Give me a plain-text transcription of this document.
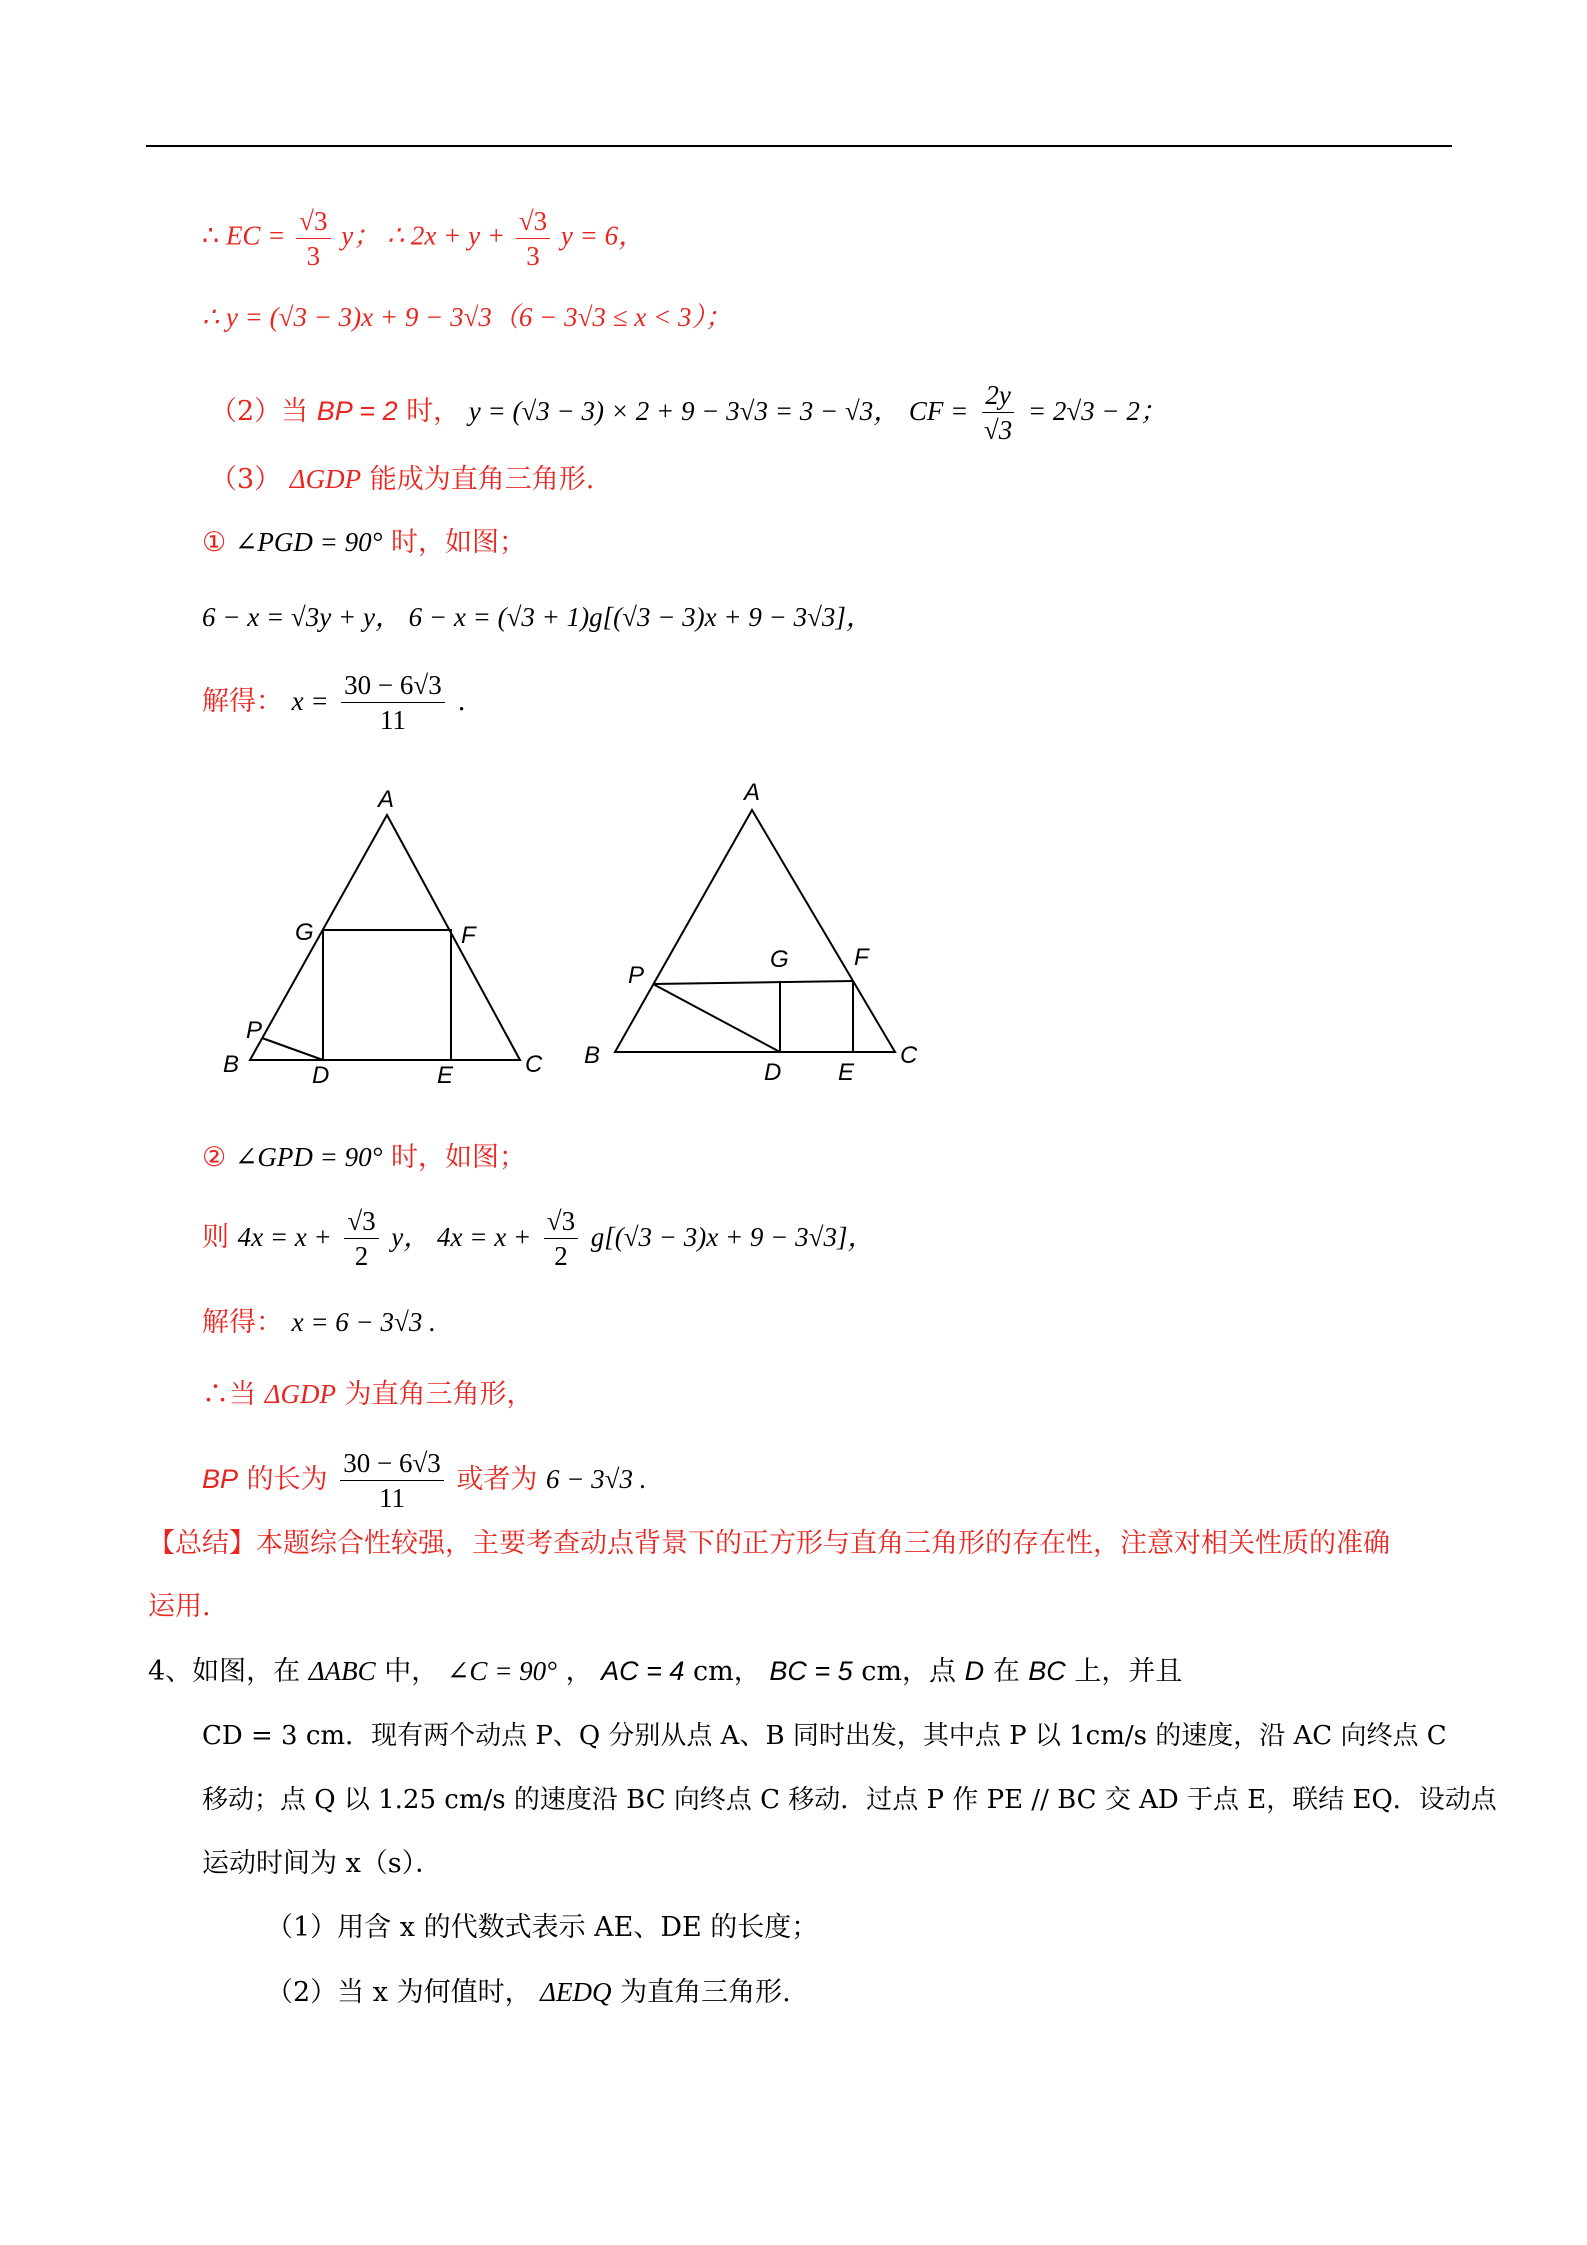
∴ EC = $\frac{√3}{3}$ y； ∴ $2x + y + \frac{√3}{3}$ y = 6，
∴ y = (√3 − 3)x + 9 − 3√3（6 − 3√3 ≤ x < 3）；
（2）当 BP = 2 时， y = (√3 − 3) × 2 + 9 − 3√3 = 3 − √3， CF = $\frac{2y}{√3} = 2√3 - 2$；
（3） ΔGDP 能成为直角三角形.
① ∠PGD = 90° 时，如图；
6 − x = √3y + y， 6 − x = (√3 + 1)g[(√3 − 3)x + 9 − 3√3]，
解得： $x = \frac{30 - 6√3}{11}$ .
A
G	F
P
B	D	E	C
A
P
G	F
B
D E
C
② ∠GPD = 90° 时，如图；
则 $4x = x + \frac{√3}{2}$ y， $4x = x + \frac{√3}{2} g[(√3 - 3)x + 9 - 3√3]$，
解得： x = 6 − 3√3 .
∴当 ΔGDP 为直角三角形，
BP 的长为 $\frac{30 - 6√3}{11}$ 或者为 6 − 3√3 .
【总结】本题综合性较强，主要考查动点背景下的正方形与直角三角形的存在性，注意对相关性质的准确
运用.
4、如图，在 ΔABC 中， ∠C = 90° ， AC = 4 cm， BC = 5 cm，点 D 在 BC 上，并且
CD = 3 cm．现有两个动点 P、Q 分别从点 A、B 同时出发，其中点 P 以 1cm/s 的速度，沿 AC 向终点 C
移动；点 Q 以 1.25 cm/s 的速度沿 BC 向终点 C 移动．过点 P 作 PE // BC 交 AD 于点 E，联结 EQ．设动点
运动时间为 x（s）．
（1）用含 x 的代数式表示 AE、DE 的长度；
（2）当 x 为何值时， ΔEDQ 为直角三角形.
